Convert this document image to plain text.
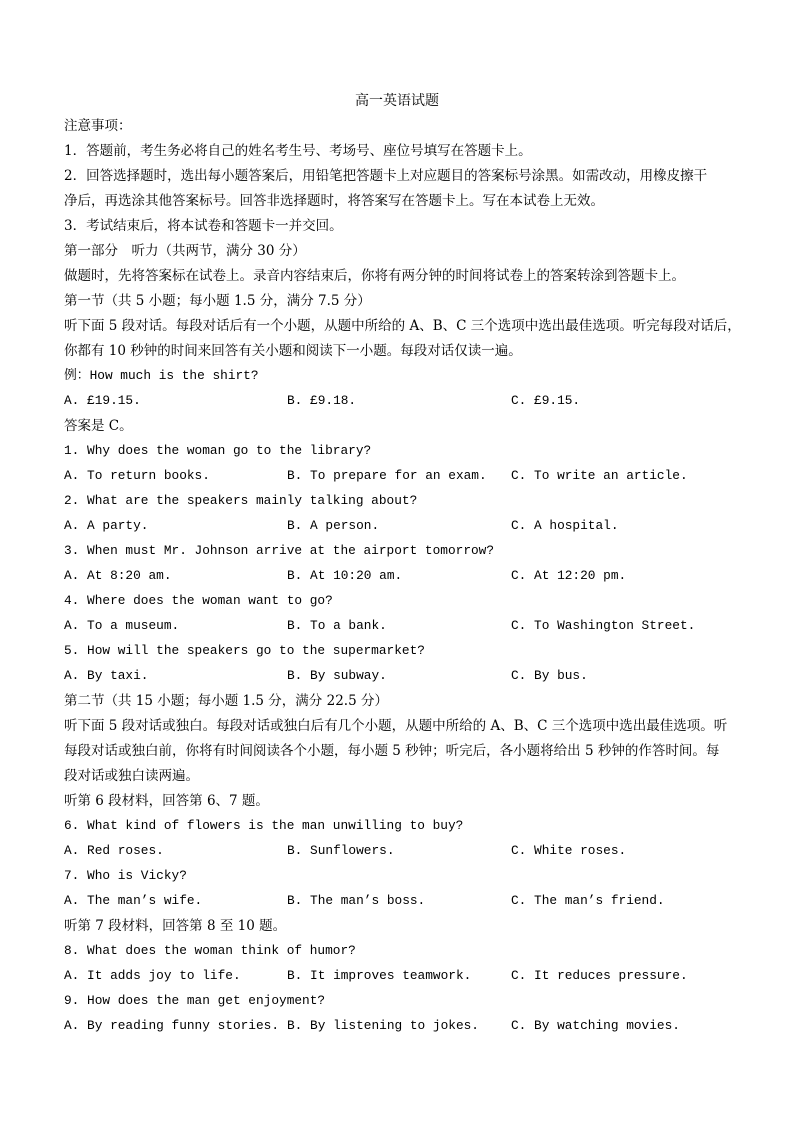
高一英语试题
注意事项：
1．答题前，考生务必将自己的姓名考生号、考场号、座位号填写在答题卡上。
2．回答选择题时，选出每小题答案后，用铅笔把答题卡上对应题目的答案标号涂黑。如需改动，用橡皮擦干
净后，再选涂其他答案标号。回答非选择题时，将答案写在答题卡上。写在本试卷上无效。
3．考试结束后，将本试卷和答题卡一并交回。
第一部分　听力（共两节，满分 30 分）
做题时，先将答案标在试卷上。录音内容结束后，你将有两分钟的时间将试卷上的答案转涂到答题卡上。
第一节（共 5 小题；每小题 1.5 分，满分 7.5 分）
听下面 5 段对话。每段对话后有一个小题，从题中所给的 A、B、C 三个选项中选出最佳选项。听完每段对话后，
你都有 10 秒钟的时间来回答有关小题和阅读下一小题。每段对话仅读一遍。
例：How much is the shirt?
A. £19.15.	B. £9.18.	C. £9.15.
答案是 C。
1. Why does the woman go to the library?
A. To return books.	B. To prepare for an exam. C. To write an article.
2. What are the speakers mainly talking about?
A. A party.	B. A person.	C. A hospital.
3. When must Mr. Johnson arrive at the airport tomorrow?
A. At 8:20 am.	B. At 10:20 am.	C. At 12:20 pm.
4. Where does the woman want to go?
A. To a museum.	B. To a bank.	C. To Washington Street.
5. How will the speakers go to the supermarket?
A. By taxi.	B. By subway.	C. By bus.
第二节（共 15 小题；每小题 1.5 分，满分 22.5 分）
听下面 5 段对话或独白。每段对话或独白后有几个小题，从题中所给的 A、B、C 三个选项中选出最佳选项。听
每段对话或独白前，你将有时间阅读各个小题，每小题 5 秒钟；听完后，各小题将给出 5 秒钟的作答时间。每
段对话或独白读两遍。
听第 6 段材料，回答第 6、7 题。
6. What kind of flowers is the man unwilling to buy?
A. Red roses.	B. Sunflowers.	C. White roses.
7. Who is Vicky?
A. The man’s wife.	B. The man’s boss.	C. The man’s friend.
听第 7 段材料，回答第 8 至 10 题。
8. What does the woman think of humor?
A. It adds joy to life.	B. It improves teamwork.	C. It reduces pressure.
9. How does the man get enjoyment?
A. By reading funny stories. B. By listening to jokes.	C. By watching movies.
